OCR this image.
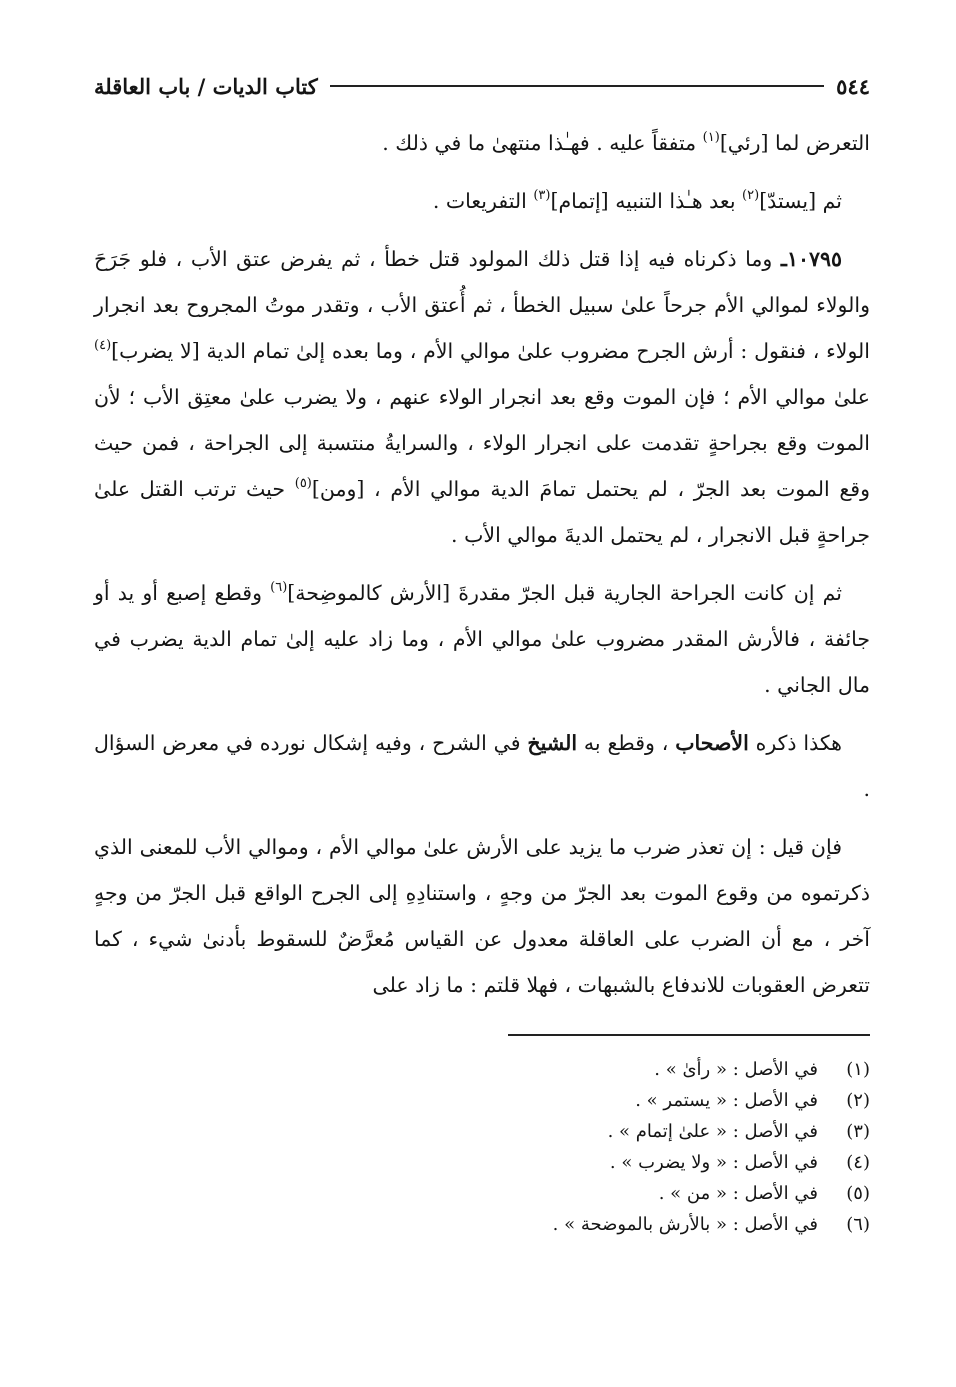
٥٤٤
كتاب الديات / باب العاقلة

التعرض لما [رئي]$^{(١)}$ متفقاً عليه . فهـٰذا منتهىٰ ما في ذلك .

ثم [يستدّ]$^{(٢)}$ بعد هـٰذا التنبيه [إتمام]$^{(٣)}$ التفريعات .

١٠٧٩٥ـ وما ذكرناه فيه إذا قتل ذلك المولود قتل خطأ ، ثم يفرض عتق الأب ، فلو جَرَحَ والولاء لموالي الأم جرحاً علىٰ سبيل الخطأ ، ثم أُعتق الأب ، وتقدر موتُ المجروح بعد انجرار الولاء ، فنقول : أرش الجرح مضروب علىٰ موالي الأم ، وما بعده إلىٰ تمام الدية [لا يضرب]$^{(٤)}$ علىٰ موالي الأم ؛ فإن الموت وقع بعد انجرار الولاء عنهم ، ولا يضرب علىٰ معتِق الأب ؛ لأن الموت وقع بجراحةٍ تقدمت على انجرار الولاء ، والسرايةُ منتسبة إلى الجراحة ، فمن حيث وقع الموت بعد الجرّ ، لم يحتمل تمامَ الدية موالي الأم ، [ومن]$^{(٥)}$ حيث ترتب القتل علىٰ جراحةٍ قبل الانجرار ، لم يحتمل الديةَ موالي الأب .

ثم إن كانت الجراحة الجارية قبل الجرّ مقدرةَ [الأرش كالموضِحة]$^{(٦)}$ وقطع إصبع أو يد أو جائفة ، فالأرش المقدر مضروب علىٰ موالي الأم ، وما زاد عليه إلىٰ تمام الدية يضرب في مال الجاني .

هكذا ذكره الأصحاب ، وقطع به الشيخ في الشرح ، وفيه إشكال نورده في معرض السؤال .

فإن قيل : إن تعذر ضرب ما يزيد على الأرش علىٰ موالي الأم ، وموالي الأب للمعنى الذي ذكرتموه من وقوع الموت بعد الجرّ من وجهٍ ، واستنادِهِ إلى الجرح الواقع قبل الجرّ من وجهٍ آخر ، مع أن الضرب على العاقلة معدول عن القياس مُعرَّضٌ للسقوط بأدنىٰ شيء ، كما تتعرض العقوبات للاندفاع بالشبهات ، فهلا قلتم : ما زاد على

(١)
في الأصل : « رأىٰ » .
(٢)
في الأصل : « يستمر » .
(٣)
في الأصل : « علىٰ إتمام » .
(٤)
في الأصل : « ولا يضرب » .
(٥)
في الأصل : « من » .
(٦)
في الأصل : « بالأرش بالموضحة » .
